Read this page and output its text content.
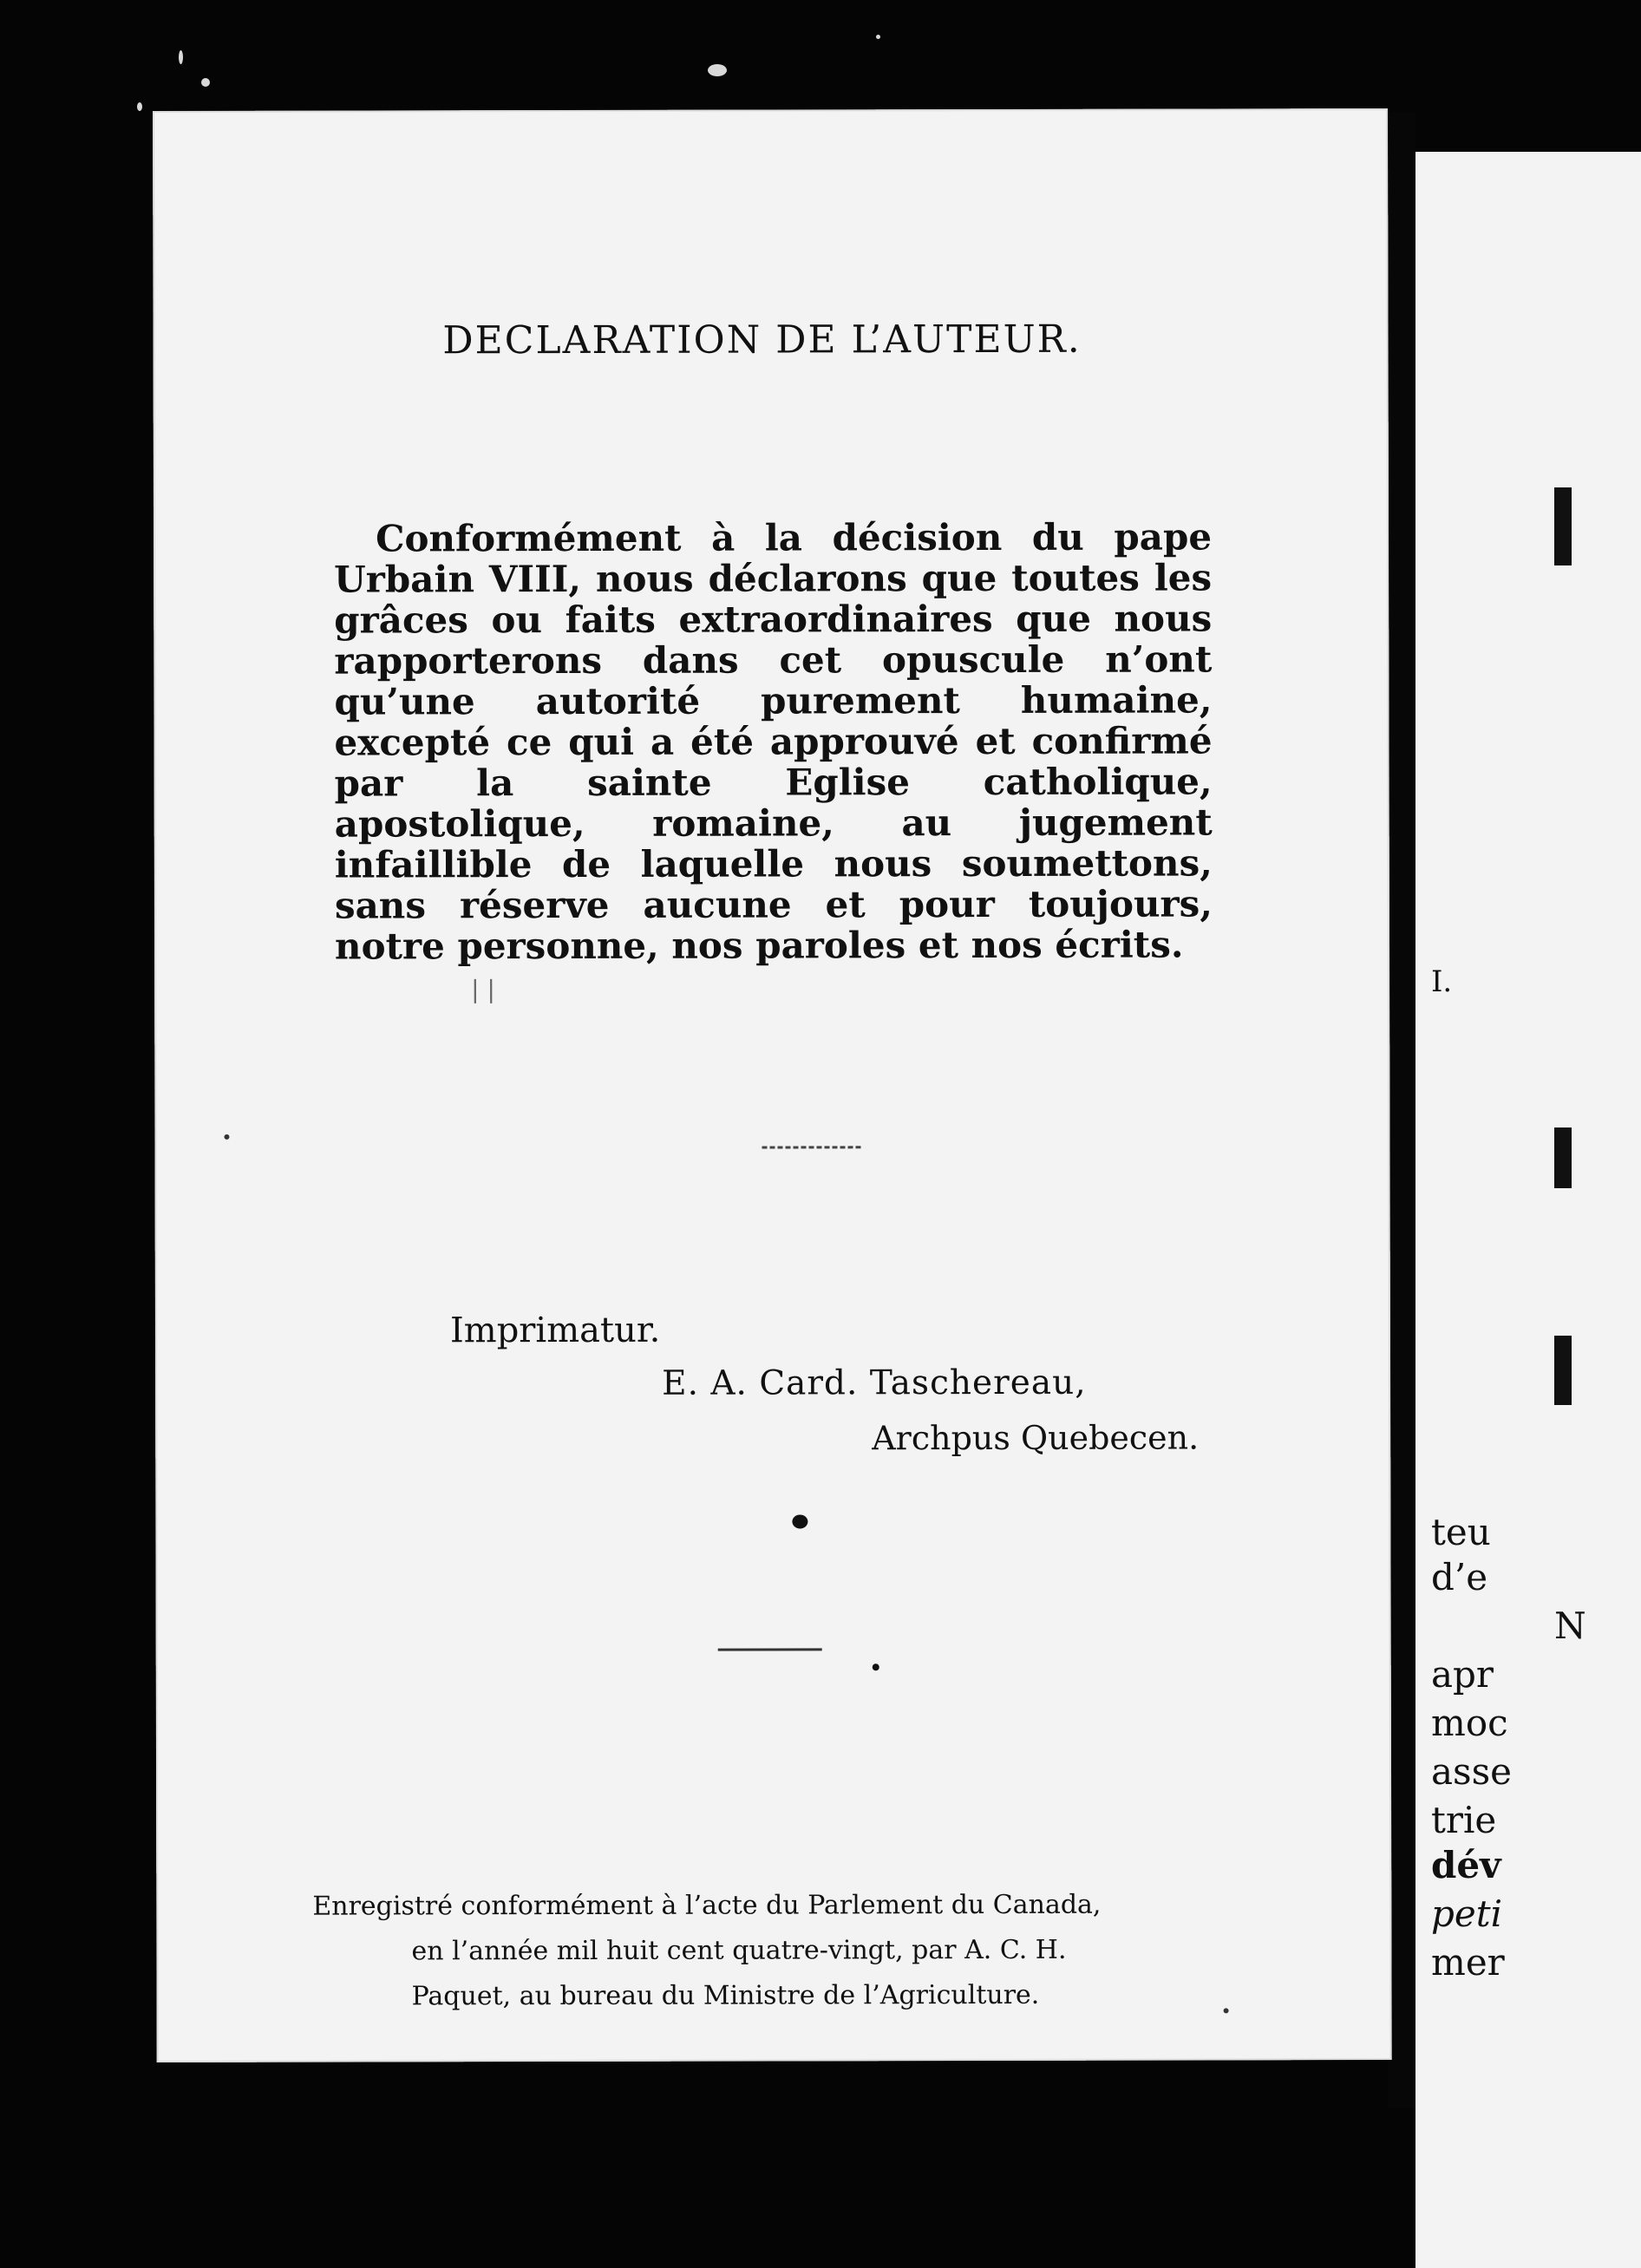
DECLARATION DE L’AUTEUR.
Conformément à la décision du pape Urbain VIII, nous déclarons que toutes les grâces ou faits extraordinaires que nous rapporterons dans cet opuscule n’ont qu’une autorité purement humaine, excepté ce qui a été approuvé et confirmé par la sainte Eglise catholique, apostolique, romaine, au jugement infaillible de laquelle nous soumettons, sans réserve aucune et pour toujours, notre personne, nos paroles et nos écrits.
| |
Imprimatur.
E. A. Card. Taschereau,
Archpus Quebecen.
Enregistré conformément à l’acte du Parlement du Canada,
en l’année mil huit cent quatre-vingt, par A. C. H.
Paquet, au bureau du Ministre de l’Agriculture.
I.
teu
d’e
N
apr
moc
asse
trie
dév
peti
mer
